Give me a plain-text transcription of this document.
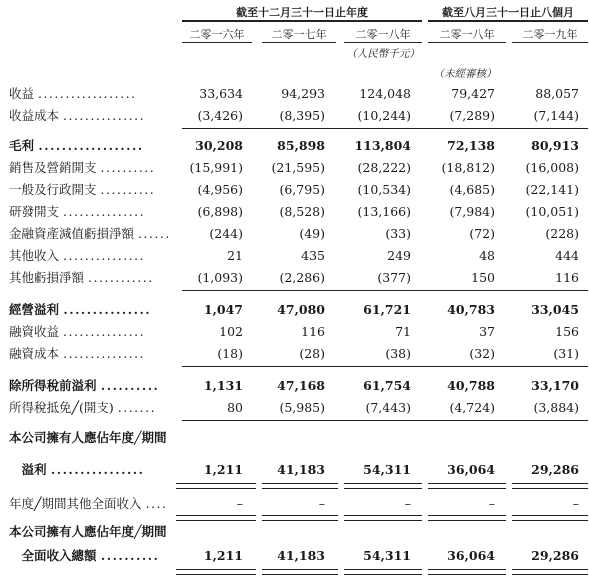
截至十二月三十一日止年度	截至八月三十一日止八個月
二零一六年	二零一七年	二零一八年	二零一八年	二零一九年
（人民幣千元）
（未經審核）
收益 ..................	33,634	94,293	124,048	79,427	88,057
收益成本 ...............	(3,426)	(8,395)	(10,244)	(7,289)	(7,144)
毛利 ..................	30,208	85,898 113,804	72,138	80,913
銷售及營銷開支 ..........	(15,991) (21,595)	(28,222) (18,812) (16,008)
一般及行政開支 ..........	(4,956)	(6,795)	(10,534)	(4,685) (22,141)
研發開支 ...............	(6,898)	(8,528)	(13,166)	(7,984) (10,051)
金融資產減值虧損淨額 ......	(244)	(49)	(33)	(72)	(228)
其他收入 ...............	21	435	249	48	444
其他虧損淨額 ............	(1,093)	(2,286)	(377)	150	116
經營溢利 ...............	1,047	47,080	61,721	40,783	33,045
融資收益 ...............	102	116	71	37	156
融資成本 ...............	(18)	(28)	(38)	(32)	(31)
除所得稅前溢利 ..........	1,131	47,168	61,754	40,788	33,170
所得稅抵免╱(開支) .......	80	(5,985)	(7,443)	(4,724)	(3,884)
本公司擁有人應佔年度╱期間
　溢利 ................	1,211	41,183	54,311	36,064	29,286
年度╱期間其他全面收入 ....	–	–	–	–	–
本公司擁有人應佔年度╱期間
　全面收入總額 ..........	1,211	41,183	54,311	36,064	29,286
